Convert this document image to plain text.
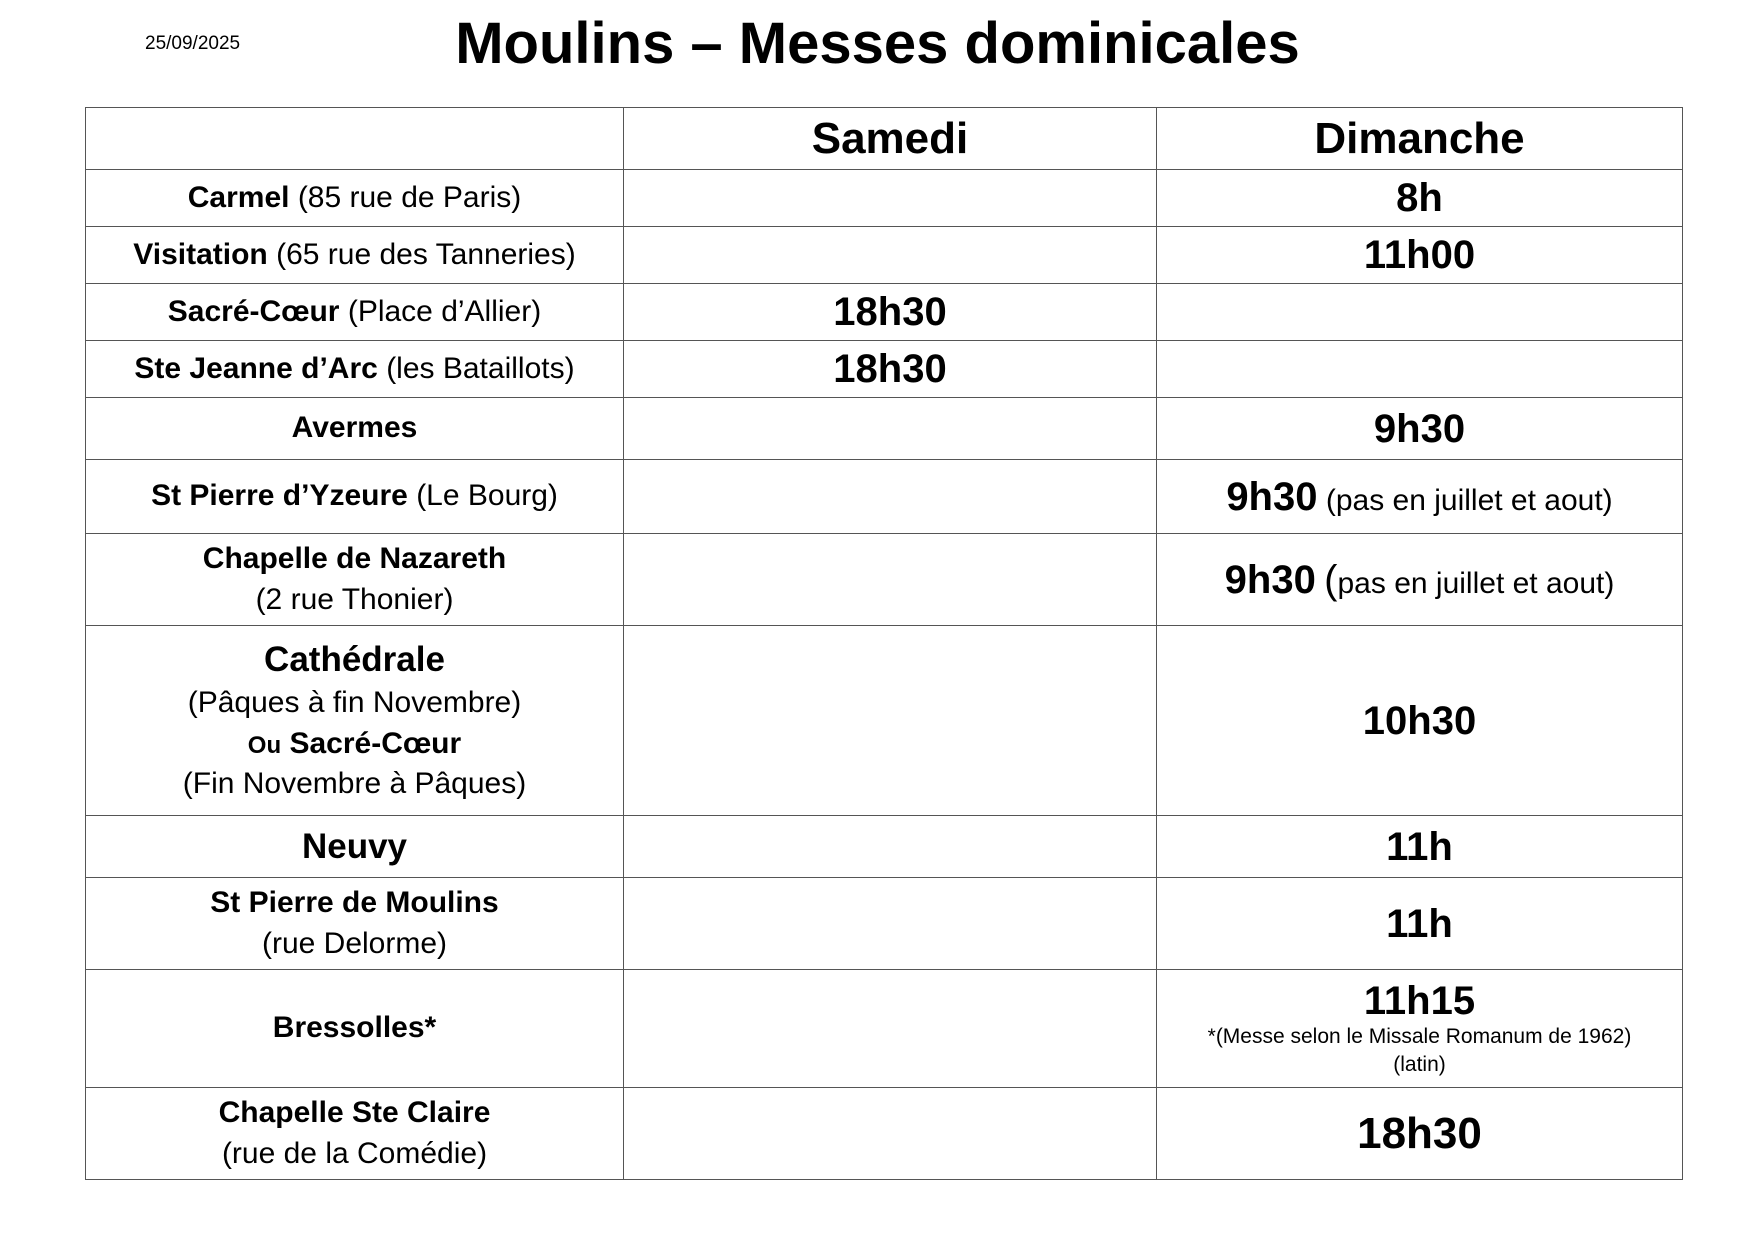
25/09/2025	Moulins – Messes dominicales
	Samedi	Dimanche
Carmel (85 rue de Paris)		8h
Visitation (65 rue des Tanneries)		11h00
Sacré-Cœur (Place d’Allier)	18h30	
Ste Jeanne d’Arc (les Bataillots)	18h30	
Avermes		9h30
St Pierre d’Yzeure (Le Bourg)		9h30 (pas en juillet et aout)
Chapelle de Nazareth
(2 rue Thonier)		9h30 (pas en juillet et aout)
Cathédrale
(Pâques à fin Novembre)
Ou Sacré-Cœur
(Fin Novembre à Pâques)		10h30
Neuvy		11h
St Pierre de Moulins
(rue Delorme)		11h
Bressolles*		11h15
*(Messe selon le Missale Romanum de 1962)
(latin)

Chapelle Ste Claire
(rue de la Comédie)		18h30
